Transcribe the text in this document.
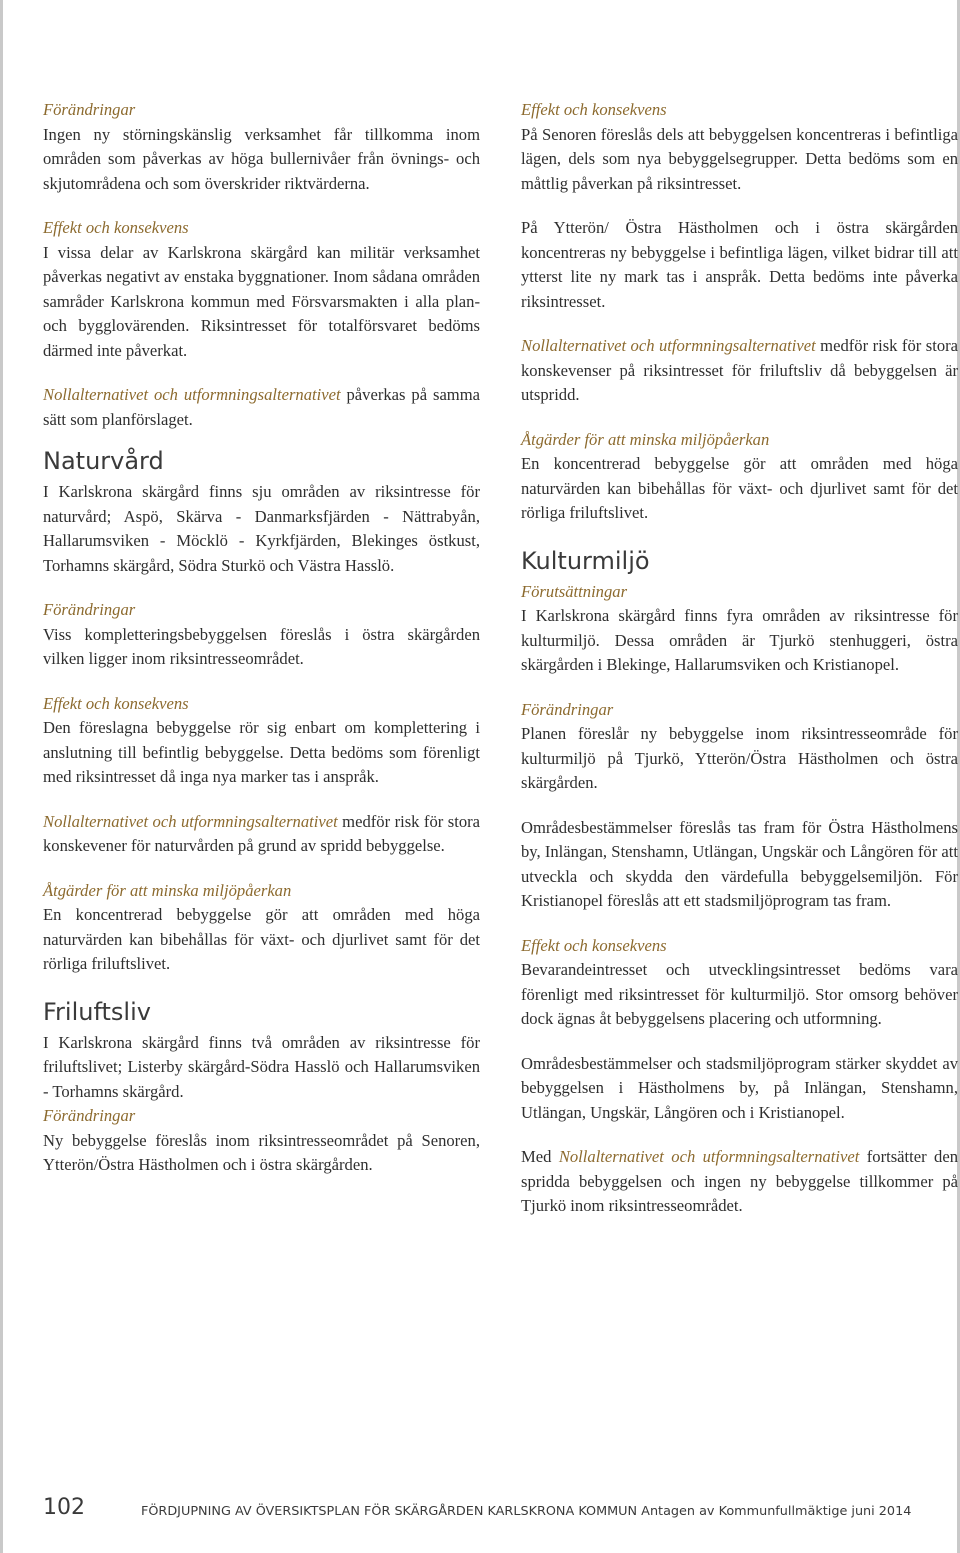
Förändringar

Ingen ny störningskänslig verksamhet får tillkomma inom områden som påverkas av höga bullernivåer från övnings- och skjutområdena och som överskrider riktvärderna.

Effekt och konsekvens

I vissa delar av Karlskrona skärgård kan militär verksamhet påverkas negativt av enstaka byggnationer. Inom sådana områden samråder Karlskrona kommun med Försvarsmakten i alla plan- och bygglovärenden. Riksintresset för totalförsvaret bedöms därmed inte påverkat.

Nollalternativet och utformningsalternativet påverkas på samma sätt som planförslaget.

Naturvård

I Karlskrona skärgård finns sju områden av riksintresse för naturvård; Aspö, Skärva - Danmarksfjärden - Nättrabyån, Hallarumsviken - Möcklö - Kyrkfjärden, Blekinges östkust, Torhamns skärgård, Södra Sturkö och Västra Hasslö.

Förändringar

Viss kompletteringsbebyggelsen föreslås i östra skärgården vilken ligger inom riksintresseområdet.

Effekt och konsekvens

Den föreslagna bebyggelse rör sig enbart om komplettering i anslutning till befintlig bebyggelse. Detta bedöms som förenligt med riksintresset då inga nya marker tas i anspråk.

Nollalternativet och utformningsalternativet medför risk för stora konskevener för naturvården på grund av spridd bebyggelse.

Åtgärder för att minska miljöpåerkan

En koncentrerad bebyggelse gör att områden med höga naturvärden kan bibehållas för växt- och djurlivet samt för det rörliga friluftslivet.

Friluftsliv

I Karlskrona skärgård finns två områden av riksintresse för friluftslivet; Listerby skärgård-Södra Hasslö och Hallarumsviken - Torhamns skärgård.

Förändringar

Ny bebyggelse föreslås inom riksintresseområdet på Senoren, Ytterön/Östra Hästholmen och i östra skärgården.

Effekt och konsekvens

På Senoren föreslås dels att bebyggelsen koncentreras i befintliga lägen, dels som nya bebyggelsegrupper. Detta bedöms som en måttlig påverkan på riksintresset.

På Ytterön/ Östra Hästholmen och i östra skärgården koncentreras ny bebyggelse i befintliga lägen, vilket bidrar till att ytterst lite ny mark tas i anspråk. Detta bedöms inte påverka riksintresset.

Nollalternativet och utformningsalternativet medför risk för stora konskevenser på riksintresset för friluftsliv då bebyggelsen är utspridd.

Åtgärder för att minska miljöpåerkan

En koncentrerad bebyggelse gör att områden med höga naturvärden kan bibehållas för växt- och djurlivet samt för det rörliga friluftslivet.

Kulturmiljö
Förutsättningar

I Karlskrona skärgård finns fyra områden av riksintresse för kulturmiljö. Dessa områden är Tjurkö stenhuggeri, östra skärgården i Blekinge, Hallarumsviken och Kristianopel.

Förändringar

Planen föreslår ny bebyggelse inom riksintresseområde för kulturmiljö på Tjurkö, Ytterön/Östra Hästholmen och östra skärgården.

Områdesbestämmelser föreslås tas fram för Östra Hästholmens by, Inlängan, Stenshamn, Utlängan, Ungskär och Långören för att utveckla och skydda den värdefulla bebyggelsemiljön. För Kristianopel föreslås att ett stadsmiljöprogram tas fram.

Effekt och konsekvens

Bevarandeintresset och utvecklingsintresset bedöms vara förenligt med riksintresset för kulturmiljö. Stor omsorg behöver dock ägnas åt bebyggelsens placering och utformning.

Områdesbestämmelser och stadsmiljöprogram stärker skyddet av bebyggelsen i Hästholmens by, på Inlängan, Stenshamn, Utlängan, Ungskär, Långören och i Kristianopel.

Med Nollalternativet och utformningsalternativet fortsätter den spridda bebyggelsen och ingen ny bebyggelse tillkommer på Tjurkö inom riksintresseområdet.

102	FÖRDJUPNING AV ÖVERSIKTSPLAN FÖR SKÄRGÅRDEN KARLSKRONA KOMMUN Antagen av Kommunfullmäktige juni 2014
